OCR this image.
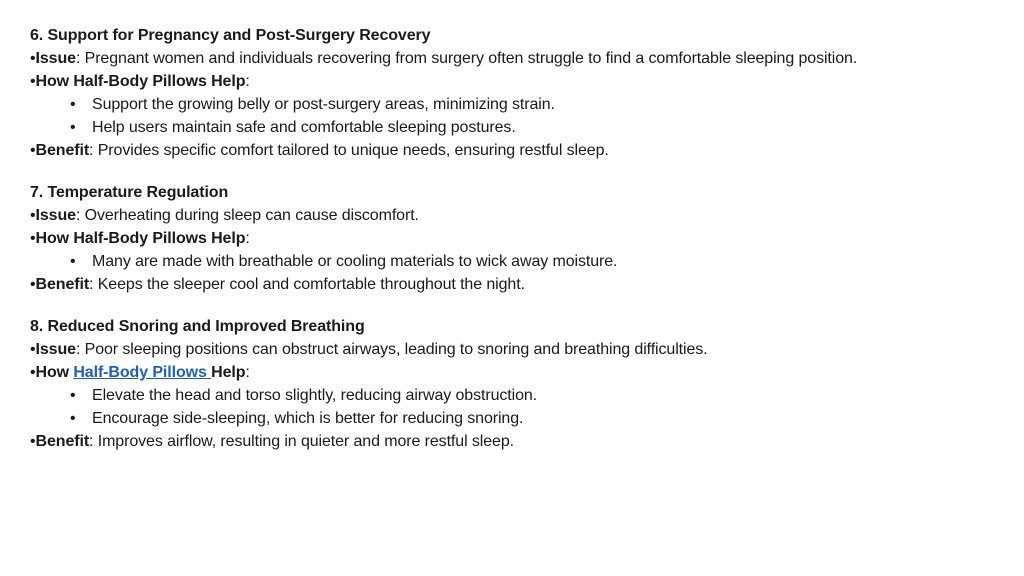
6. Support for Pregnancy and Post-Surgery Recovery
•Issue: Pregnant women and individuals recovering from surgery often struggle to find a comfortable sleeping position.
•How Half-Body Pillows Help:
• Support the growing belly or post-surgery areas, minimizing strain.
• Help users maintain safe and comfortable sleeping postures.
•Benefit: Provides specific comfort tailored to unique needs, ensuring restful sleep.
7. Temperature Regulation
•Issue: Overheating during sleep can cause discomfort.
•How Half-Body Pillows Help:
• Many are made with breathable or cooling materials to wick away moisture.
•Benefit: Keeps the sleeper cool and comfortable throughout the night.
8. Reduced Snoring and Improved Breathing
•Issue: Poor sleeping positions can obstruct airways, leading to snoring and breathing difficulties.
•How Half-Body Pillows Help:
• Elevate the head and torso slightly, reducing airway obstruction.
• Encourage side-sleeping, which is better for reducing snoring.
•Benefit: Improves airflow, resulting in quieter and more restful sleep.
